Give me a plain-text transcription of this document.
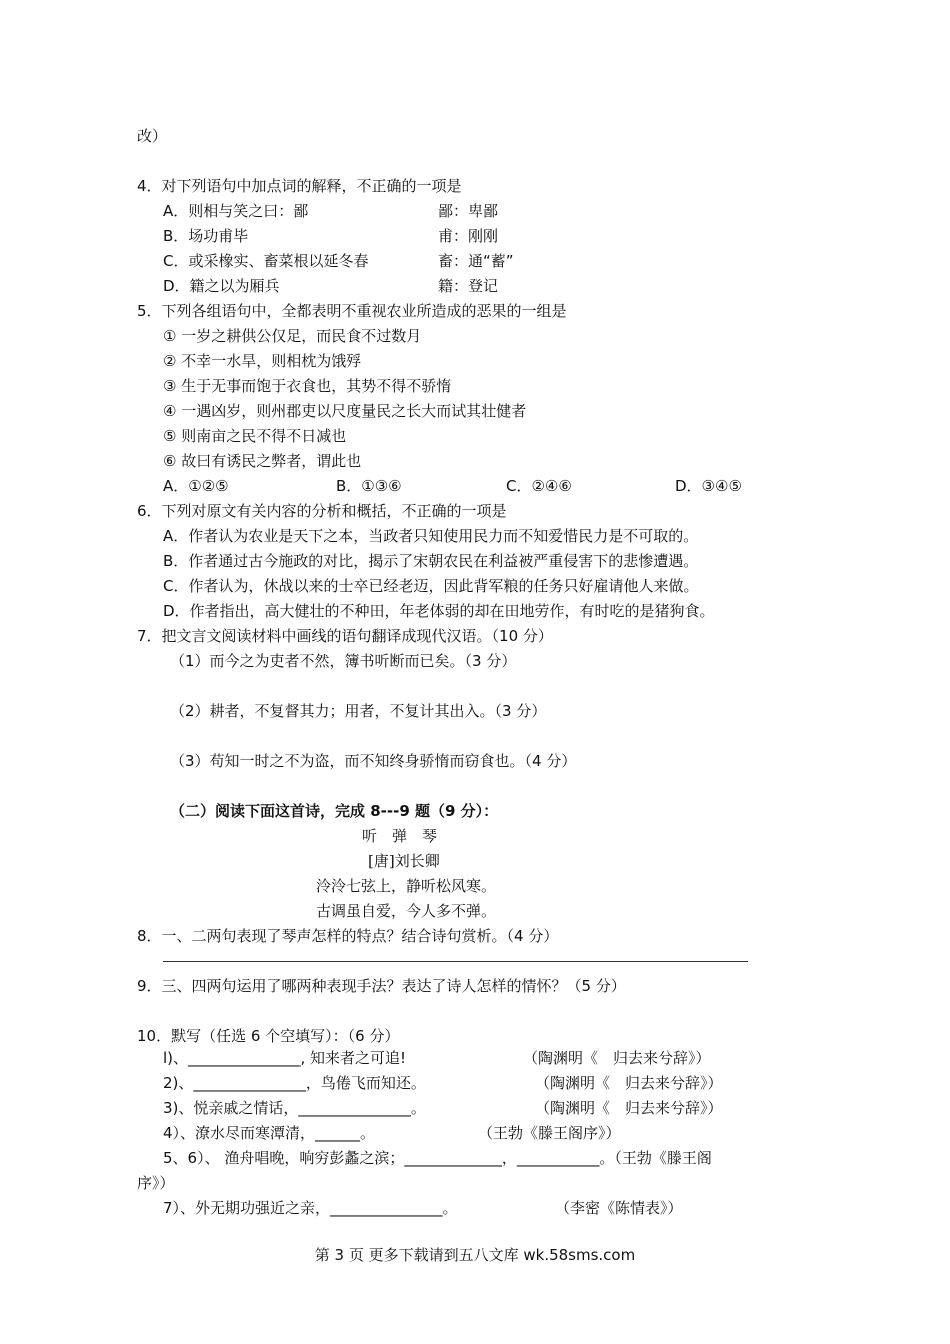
改）
4．对下列语句中加点词的解释，不正确的一项是
A．则相与笑之曰：鄙	鄙：卑鄙
B．场功甫毕	甫：刚刚
C．或采橡实、畜菜根以延冬春	畜：通“蓄”
D．籍之以为厢兵	籍：登记
5．下列各组语句中，全都表明不重视农业所造成的恶果的一组是
① 一岁之耕供公仅足，而民食不过数月
② 不幸一水旱，则相枕为饿殍
③ 生于无事而饱于衣食也，其势不得不骄惰
④ 一遇凶岁，则州郡吏以尺度量民之长大而试其壮健者
⑤ 则南亩之民不得不日减也
⑥ 故曰有诱民之弊者，谓此也
A．①②⑤	B．①③⑥	C．②④⑥	D．③④⑤
6．下列对原文有关内容的分析和概括，不正确的一项是
A．作者认为农业是天下之本，当政者只知使用民力而不知爱惜民力是不可取的。
B．作者通过古今施政的对比，揭示了宋朝农民在利益被严重侵害下的悲惨遭遇。
C．作者认为，休战以来的士卒已经老迈，因此背军粮的任务只好雇请他人来做。
D．作者指出，高大健壮的不种田，年老体弱的却在田地劳作，有时吃的是猪狗食。
7．把文言文阅读材料中画线的语句翻译成现代汉语。（10 分）
（1）而今之为吏者不然，簿书听断而已矣。（3 分）
（2）耕者，不复督其力；用者，不复计其出入。（3 分）
（3）苟知一时之不为盗，而不知终身骄惰而窃食也。（4 分）
（二）阅读下面这首诗，完成 8---9 题（9 分）：
听　弹　琴
[唐]刘长卿
泠泠七弦上，静听松风寒。
古调虽自爱，今人多不弹。
8．一、二两句表现了琴声怎样的特点？结合诗句赏析。（4 分）
9．三、四两句运用了哪两种表现手法？表达了诗人怎样的情怀？（5 分）
10．默写（任选 6 个空填写）：（6 分）
l)、_______________, 知来者之可追!	（陶渊明《　归去来兮辞》）
2)、_______________，鸟倦飞而知还。	（陶渊明《　归去来兮辞》）
3)、悦亲戚之情话，_______________。	（陶渊明《　归去来兮辞》）
4）、潦水尽而寒潭清，______。	（王勃《滕王阁序》）
5、6）、 渔舟唱晚，响穷彭蠡之滨；_____________，___________。（王勃《滕王阁
序》）
7）、外无期功强近之亲，_______________。	（李密《陈情表》）
第 3 页 更多下载请到五八文库 wk.58sms.com
